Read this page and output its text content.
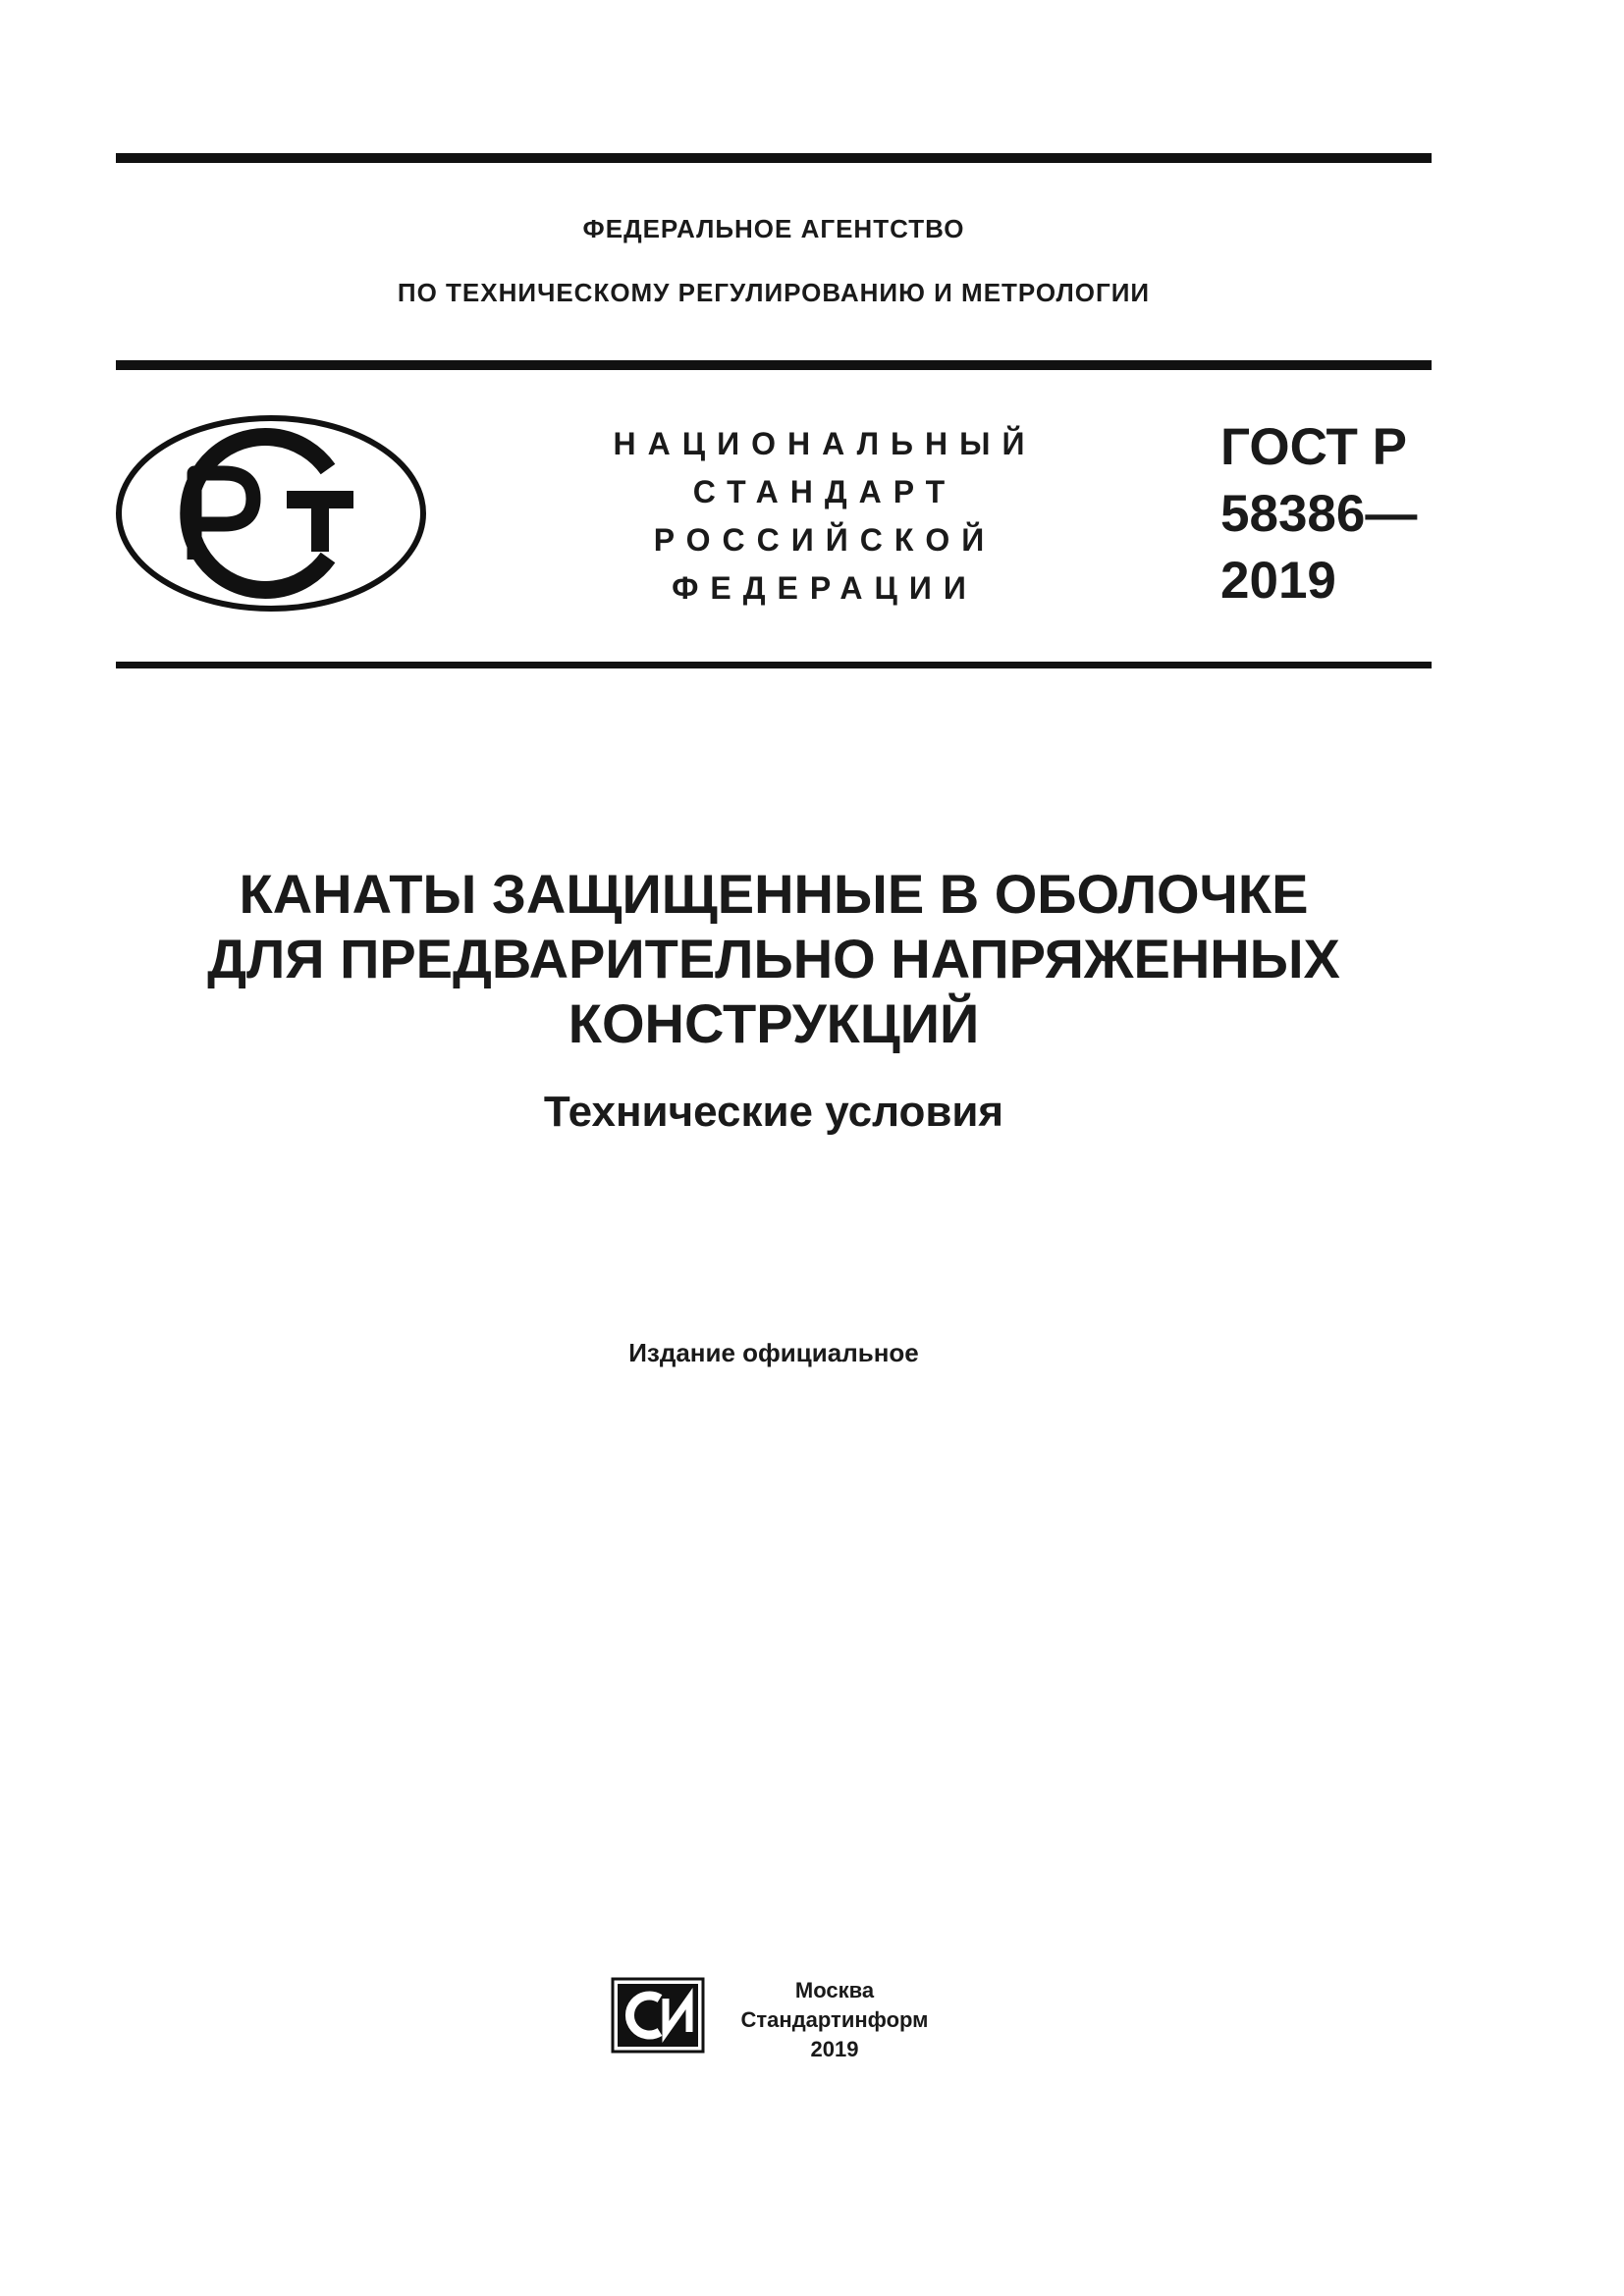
ФЕДЕРАЛЬНОЕ АГЕНТСТВО
ПО ТЕХНИЧЕСКОМУ РЕГУЛИРОВАНИЮ И МЕТРОЛОГИИ
НАЦИОНАЛЬНЫЙ
СТАНДАРТ
РОССИЙСКОЙ
ФЕДЕРАЦИИ
ГОСТ Р
58386—
2019
КАНАТЫ ЗАЩИЩЕННЫЕ В ОБОЛОЧКЕ
ДЛЯ ПРЕДВАРИТЕЛЬНО НАПРЯЖЕННЫХ
КОНСТРУКЦИЙ
Технические условия
Издание официальное
Москва
Стандартинформ
2019
